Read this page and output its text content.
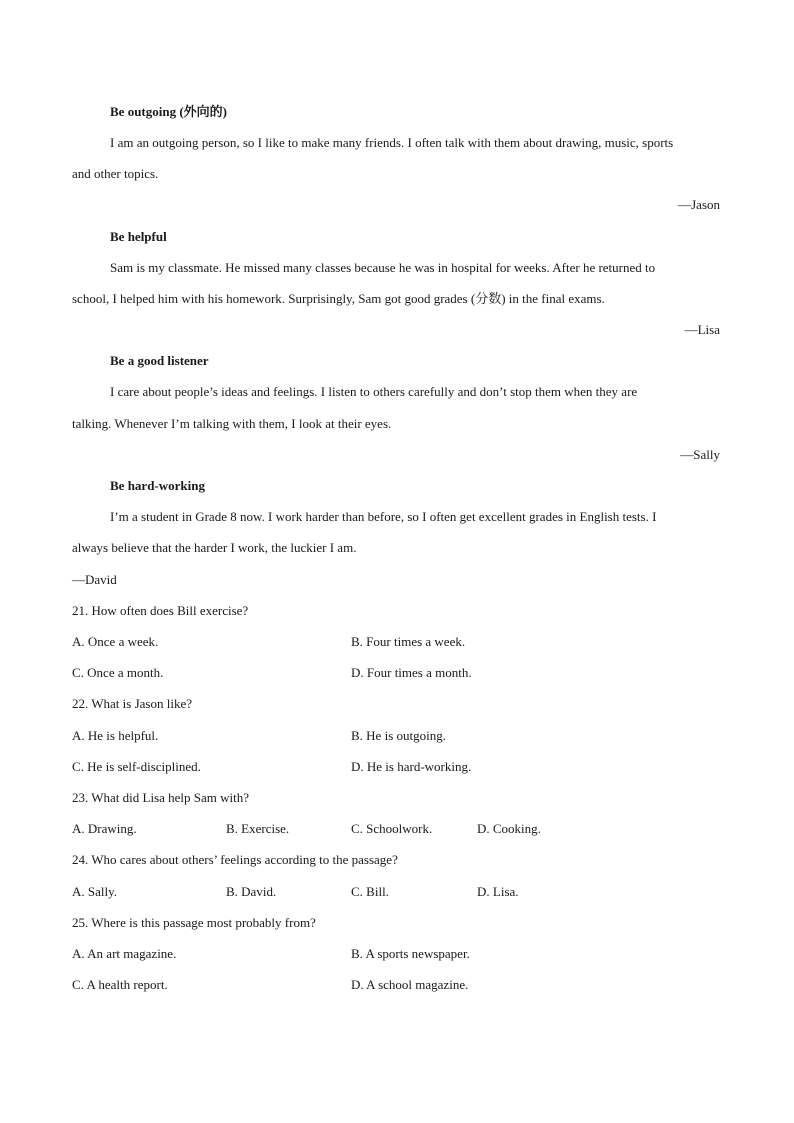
Be outgoing (外向的)
I am an outgoing person, so I like to make many friends. I often talk with them about drawing, music, sports
and other topics.
—Jason
Be helpful
Sam is my classmate. He missed many classes because he was in hospital for weeks. After he returned to
school, I helped him with his homework. Surprisingly, Sam got good grades (分数) in the final exams.
—Lisa
Be a good listener
I care about people’s ideas and feelings. I listen to others carefully and don’t stop them when they are
talking. Whenever I’m talking with them, I look at their eyes.
—Sally
Be hard-working
I’m a student in Grade 8 now. I work harder than before, so I often get excellent grades in English tests. I
always believe that the harder I work, the luckier I am.
—David
21. How often does Bill exercise?
A. Once a week.	B. Four times a week.
C. Once a month.	D. Four times a month.
22. What is Jason like?
A. He is helpful.	B. He is outgoing.
C. He is self-disciplined.	D. He is hard-working.
23. What did Lisa help Sam with?
A. Drawing.	B. Exercise.	C. Schoolwork.	D. Cooking.
24. Who cares about others’ feelings according to the passage?
A. Sally.	B. David.	C. Bill.	D. Lisa.
25. Where is this passage most probably from?
A. An art magazine.	B. A sports newspaper.
C. A health report.	D. A school magazine.
